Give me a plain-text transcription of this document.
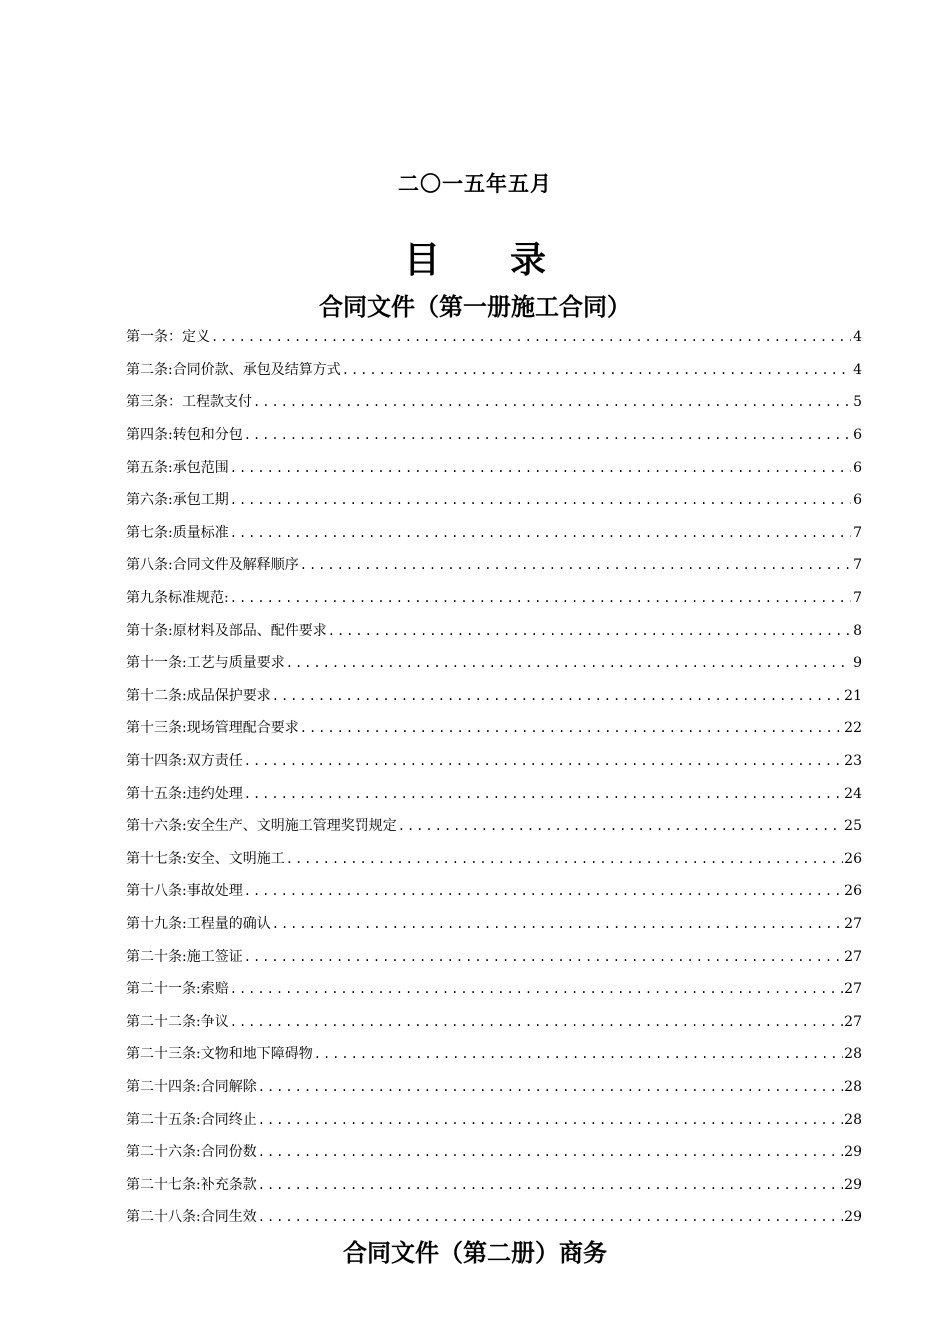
二〇一五年五月
目 录
合同文件（第一册施工合同）
第一条：定义 .....	4
第二条:合同价款、承包及结算方式 .....	4
第三条：工程款支付 .....	5
第四条:转包和分包 .....	6
第五条:承包范围 .....	6
第六条:承包工期 .....	6
第七条:质量标准 .....	7
第八条:合同文件及解释顺序 .....	7
第九条标准规范: .....	7
第十条:原材料及部品、配件要求 .....	8
第十一条:工艺与质量要求 .....	9
第十二条:成品保护要求 .....	21
第十三条:现场管理配合要求 .....	22
第十四条:双方责任 .....	23
第十五条:违约处理 .....	24
第十六条:安全生产、文明施工管理奖罚规定 .....	25
第十七条:安全、文明施工 .....	26
第十八条:事故处理 .....	26
第十九条:工程量的确认 .....	27
第二十条:施工签证 .....	27
第二十一条:索赔 .....	27
第二十二条:争议 .....	27
第二十三条:文物和地下障碍物 .....	28
第二十四条:合同解除 .....	28
第二十五条:合同终止 .....	28
第二十六条:合同份数 .....	29
第二十七条:补充条款 .....	29
第二十八条:合同生效 .....	29
合同文件（第二册）商务
